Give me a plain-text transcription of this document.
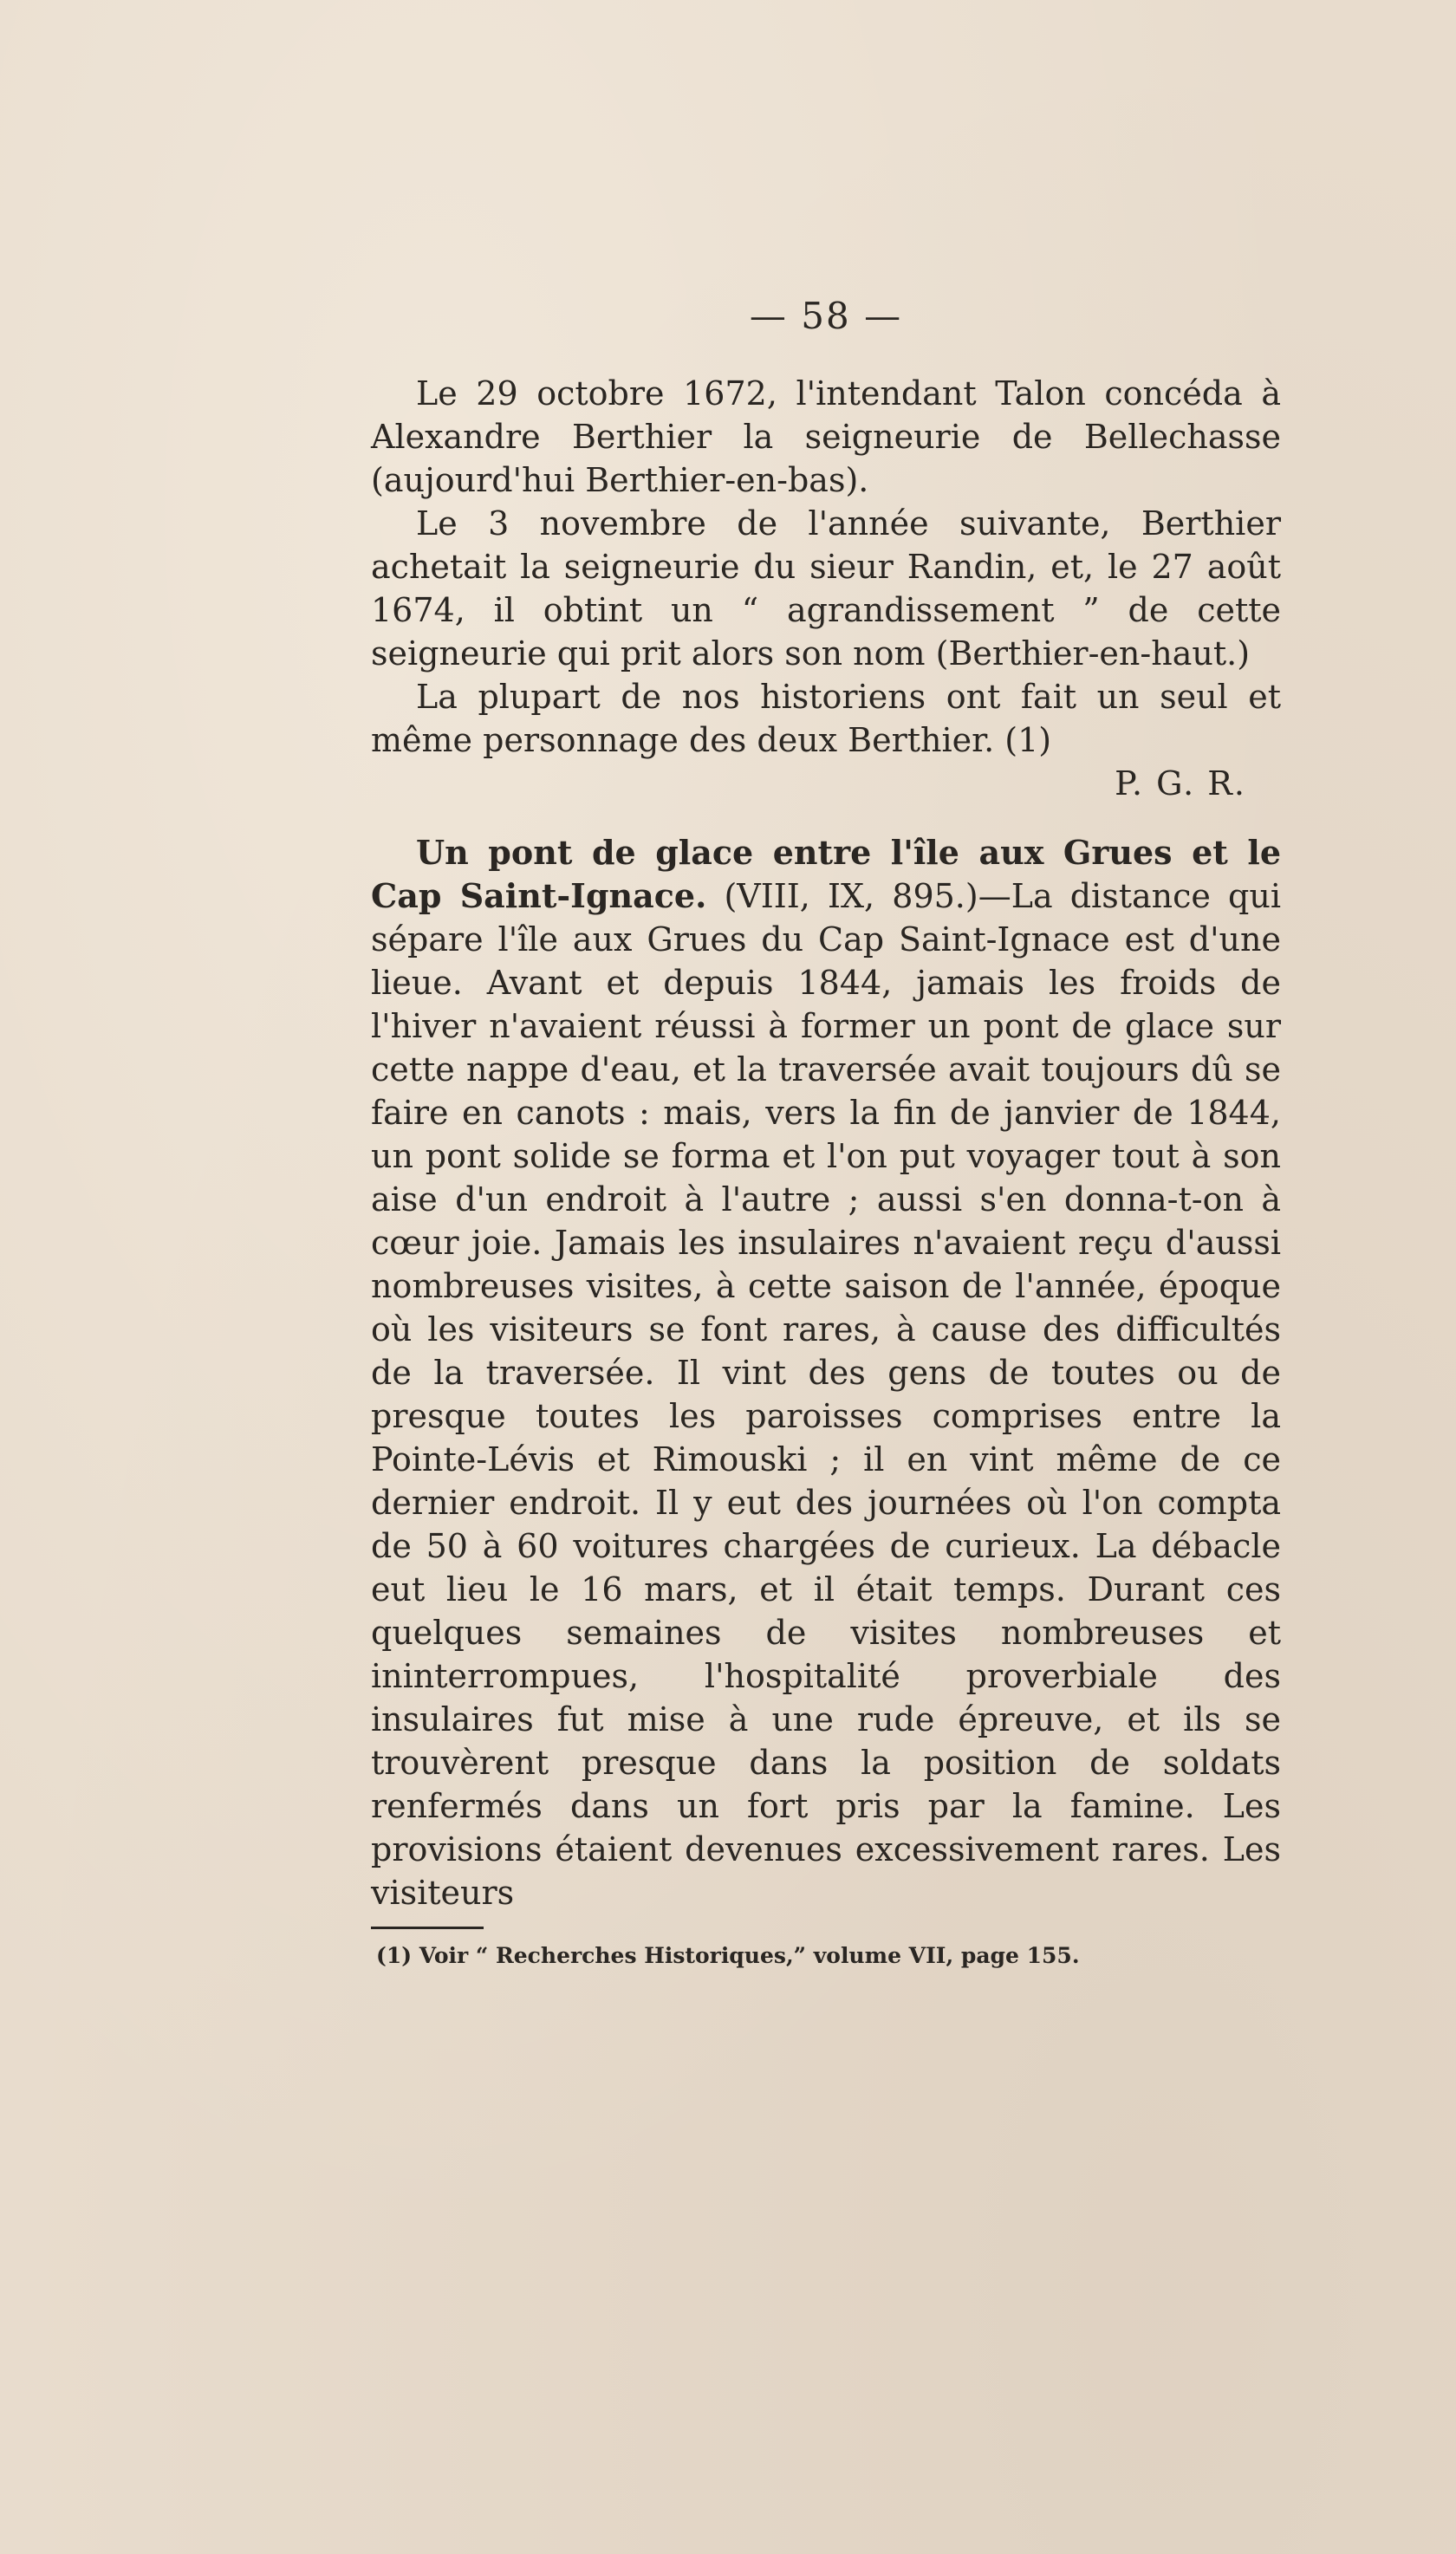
— 58 —

Le 29 octobre 1672, l'intendant Talon concéda à Alexandre Berthier la seigneurie de Bellechasse (aujourd'hui Berthier-en-bas).

Le 3 novembre de l'année suivante, Berthier achetait la seigneurie du sieur Randin, et, le 27 août 1674, il obtint un “ agrandissement ” de cette seigneurie qui prit alors son nom (Berthier-en-haut.)

La plupart de nos historiens ont fait un seul et même personnage des deux Berthier. (1)

P. G. R.

Un pont de glace entre l'île aux Grues et le Cap Saint-Ignace. (VIII, IX, 895.)—La distance qui sépare l'île aux Grues du Cap Saint-Ignace est d'une lieue. Avant et depuis 1844, jamais les froids de l'hiver n'avaient réussi à former un pont de glace sur cette nappe d'eau, et la traversée avait toujours dû se faire en canots : mais, vers la fin de janvier de 1844, un pont solide se forma et l'on put voyager tout à son aise d'un endroit à l'autre ; aussi s'en donna-t-on à cœur joie. Jamais les insulaires n'avaient reçu d'aussi nombreuses visites, à cette saison de l'année, époque où les visiteurs se font rares, à cause des difficultés de la traversée. Il vint des gens de toutes ou de presque toutes les paroisses comprises entre la Pointe-Lévis et Rimouski ; il en vint même de ce dernier endroit. Il y eut des journées où l'on compta de 50 à 60 voitures chargées de curieux. La débacle eut lieu le 16 mars, et il était temps. Durant ces quelques semaines de visites nombreuses et ininterrompues, l'hospitalité proverbiale des insulaires fut mise à une rude épreuve, et ils se trouvèrent presque dans la position de soldats renfermés dans un fort pris par la famine. Les provisions étaient devenues excessivement rares. Les visiteurs

(1) Voir “ Recherches Historiques,” volume VII, page 155.
